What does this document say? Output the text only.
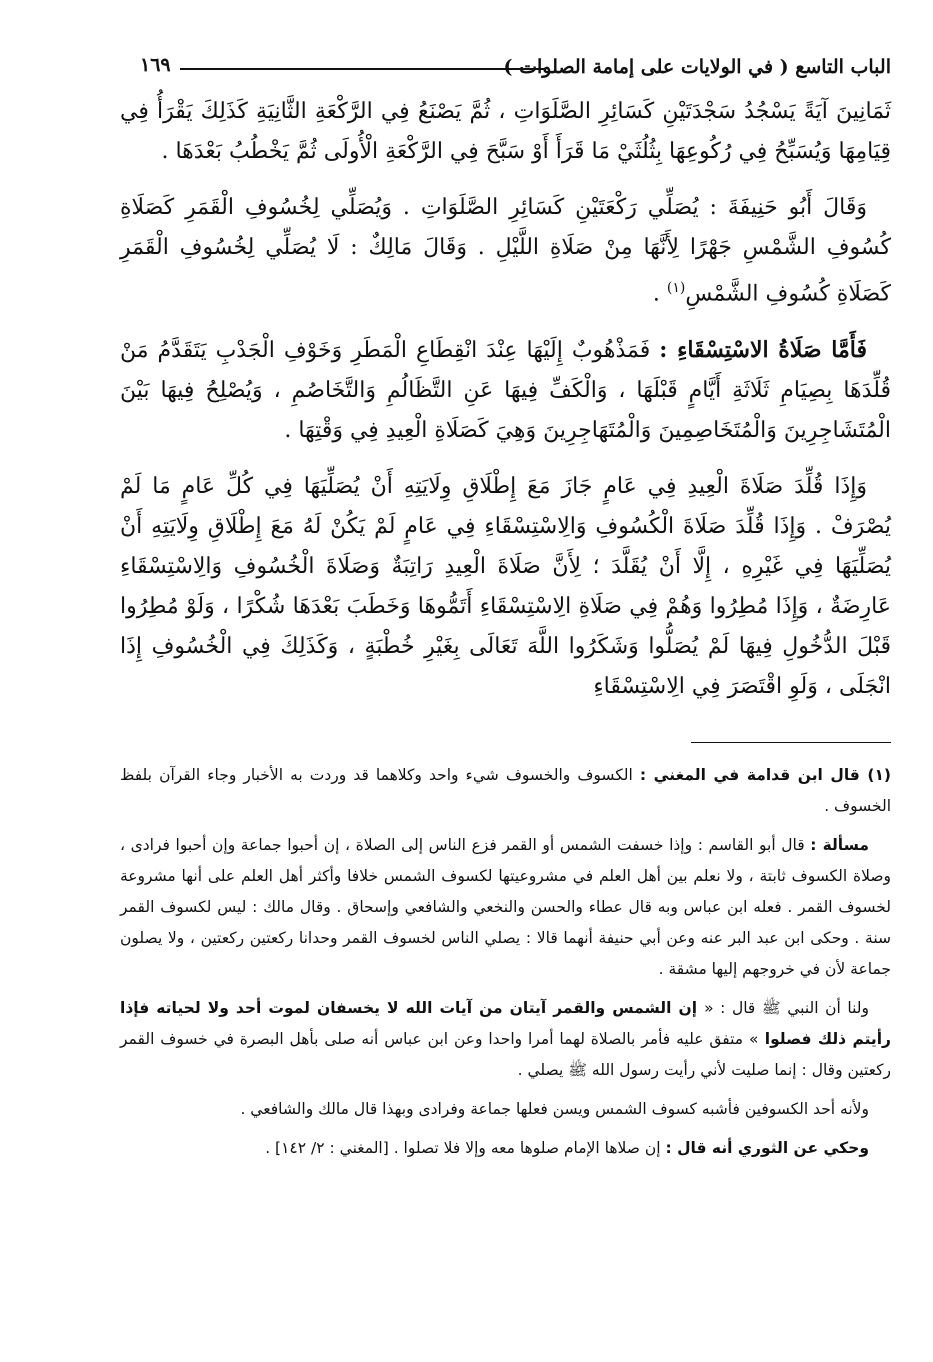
الباب التاسع ( في الولايات على إمامة الصلوات )
١٦٩

ثَمَانِينَ آيَةً يَسْجُدُ سَجْدَتَيْنِ كَسَائِرِ الصَّلَوَاتِ ، ثُمَّ يَصْنَعُ فِي الرَّكْعَةِ الثَّانِيَةِ كَذَلِكَ يَقْرَأُ فِي قِيَامِهَا وَيُسَبِّحُ فِي رُكُوعِهَا بِثُلُثَيْ مَا قَرَأَ أَوْ سَبَّحَ فِي الرَّكْعَةِ الْأُولَى ثُمَّ يَخْطُبُ بَعْدَهَا .

وَقَالَ أَبُو حَنِيفَةَ : يُصَلِّي رَكْعَتَيْنِ كَسَائِرِ الصَّلَوَاتِ . وَيُصَلِّي لِخُسُوفِ الْقَمَرِ كَصَلَاةِ كُسُوفِ الشَّمْسِ جَهْرًا لِأَنَّهَا مِنْ صَلَاةِ اللَّيْلِ . وَقَالَ مَالِكٌ : لَا يُصَلِّي لِخُسُوفِ الْقَمَرِ كَصَلَاةِ كُسُوفِ الشَّمْسِ$^{(١)}$ .

فَأَمَّا صَلَاةُ الاسْتِسْقَاءِ : فَمَذْهُوبٌ إِلَيْهَا عِنْدَ انْقِطَاعِ الْمَطَرِ وَخَوْفِ الْجَدْبِ يَتَقَدَّمُ مَنْ قُلِّدَهَا بِصِيَامِ ثَلَاثَةِ أَيَّامٍ قَبْلَهَا ، وَالْكَفِّ فِيهَا عَنِ التَّظَالُمِ وَالتَّخَاصُمِ ، وَيُصْلِحُ فِيهَا بَيْنَ الْمُتَشَاجِرِينَ وَالْمُتَخَاصِمِينَ وَالْمُتَهَاجِرِينَ وَهِيَ كَصَلَاةِ الْعِيدِ فِي وَقْتِهَا .

وَإِذَا قُلِّدَ صَلَاةَ الْعِيدِ فِي عَامٍ جَازَ مَعَ إِطْلَاقِ وِلَايَتِهِ أَنْ يُصَلِّيَهَا فِي كُلِّ عَامٍ مَا لَمْ يُصْرَفْ . وَإِذَا قُلِّدَ صَلَاةَ الْكُسُوفِ وَالِاسْتِسْقَاءِ فِي عَامٍ لَمْ يَكُنْ لَهُ مَعَ إِطْلَاقِ وِلَايَتِهِ أَنْ يُصَلِّيَهَا فِي غَيْرِهِ ، إِلَّا أَنْ يُقَلَّدَ ؛ لِأَنَّ صَلَاةَ الْعِيدِ رَاتِبَةٌ وَصَلَاةَ الْخُسُوفِ وَالِاسْتِسْقَاءِ عَارِضَةٌ ، وَإِذَا مُطِرُوا وَهُمْ فِي صَلَاةِ الِاسْتِسْقَاءِ أَتَمُّوهَا وَخَطَبَ بَعْدَهَا شُكْرًا ، وَلَوْ مُطِرُوا قَبْلَ الدُّخُولِ فِيهَا لَمْ يُصَلُّوا وَشَكَرُوا اللَّهَ تَعَالَى بِغَيْرِ خُطْبَةٍ ، وَكَذَلِكَ فِي الْخُسُوفِ إِذَا انْجَلَى ، وَلَوِ اقْتَصَرَ فِي الِاسْتِسْقَاءِ

(١) قال ابن قدامة في المغني : الكسوف والخسوف شيء واحد وكلاهما قد وردت به الأخبار وجاء القرآن بلفظ الخسوف .

مسألة : قال أبو القاسم : وإذا خسفت الشمس أو القمر فزع الناس إلى الصلاة ، إن أحبوا جماعة وإن أحبوا فرادى ، وصلاة الكسوف ثابتة ، ولا نعلم بين أهل العلم في مشروعيتها لكسوف الشمس خلافا وأكثر أهل العلم على أنها مشروعة لخسوف القمر . فعله ابن عباس وبه قال عطاء والحسن والنخعي والشافعي وإسحاق . وقال مالك : ليس لكسوف القمر سنة . وحكى ابن عبد البر عنه وعن أبي حنيفة أنهما قالا : يصلي الناس لخسوف القمر وحدانا ركعتين ركعتين ، ولا يصلون جماعة لأن في خروجهم إليها مشقة .

ولنا أن النبي ﷺ قال : « إن الشمس والقمر آيتان من آيات الله لا يخسفان لموت أحد ولا لحياته فإذا رأيتم ذلك فصلوا » متفق عليه فأمر بالصلاة لهما أمرا واحدا وعن ابن عباس أنه صلى بأهل البصرة في خسوف القمر ركعتين وقال : إنما صليت لأني رأيت رسول الله ﷺ يصلي .

ولأنه أحد الكسوفين فأشبه كسوف الشمس ويسن فعلها جماعة وفرادى وبهذا قال مالك والشافعي .

وحكي عن الثوري أنه قال : إن صلاها الإمام صلوها معه وإلا فلا تصلوا . [المغني : ٢/ ١٤٢] .
